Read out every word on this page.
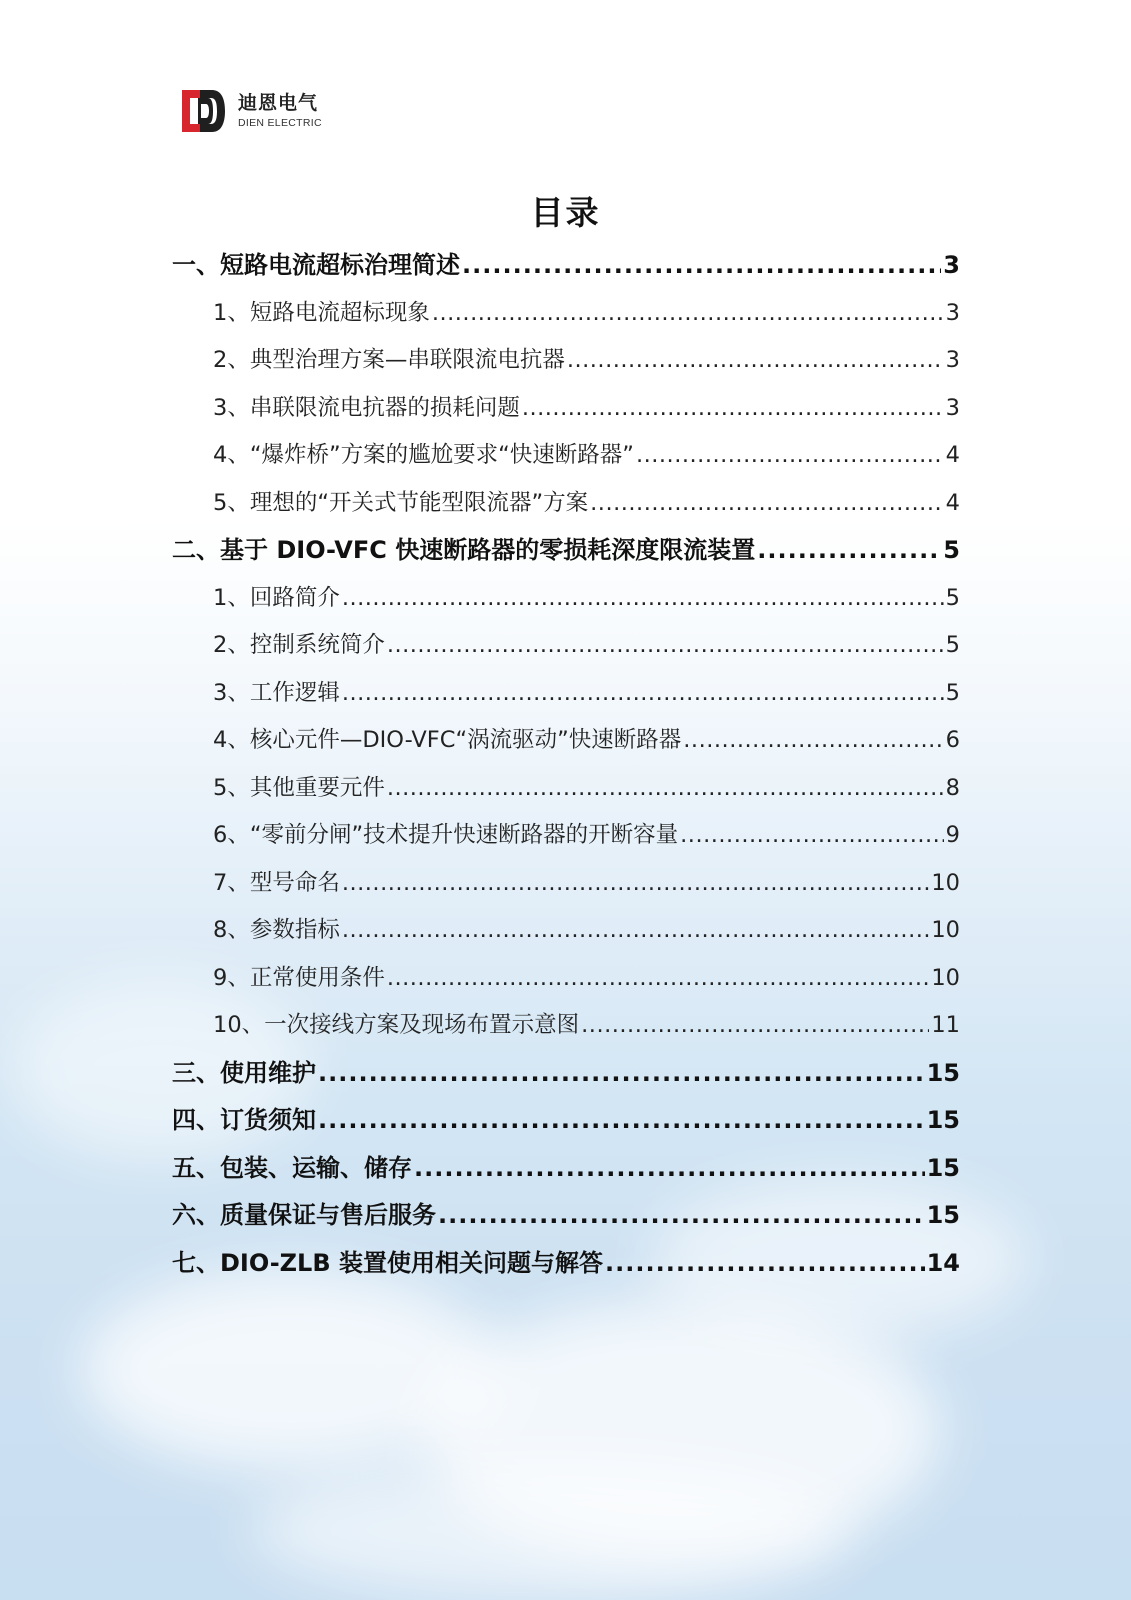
迪恩电气
DIEN ELECTRIC
目录
一、短路电流超标治理简述 .....	3
1、短路电流超标现象 .....	3
2、典型治理方案—串联限流电抗器 .....	3
3、串联限流电抗器的损耗问题 .....	3
4、“爆炸桥”方案的尴尬要求“快速断路器” .....	4
5、理想的“开关式节能型限流器”方案 .....	4
二、基于 DIO-VFC 快速断路器的零损耗深度限流装置 .....	5
1、回路简介 .....	5
2、控制系统简介 .....	5
3、工作逻辑 .....	5
4、核心元件—DIO-VFC“涡流驱动”快速断路器 .....	6
5、其他重要元件 .....	8
6、“零前分闸”技术提升快速断路器的开断容量 .....	9
7、型号命名 .....	10
8、参数指标 .....	10
9、正常使用条件 .....	10
10、一次接线方案及现场布置示意图 .....	11
三、使用维护 .....	15
四、订货须知 .....	15
五、包装、运输、储存 .....	15
六、质量保证与售后服务 .....	15
七、DIO-ZLB 装置使用相关问题与解答 .....	14
